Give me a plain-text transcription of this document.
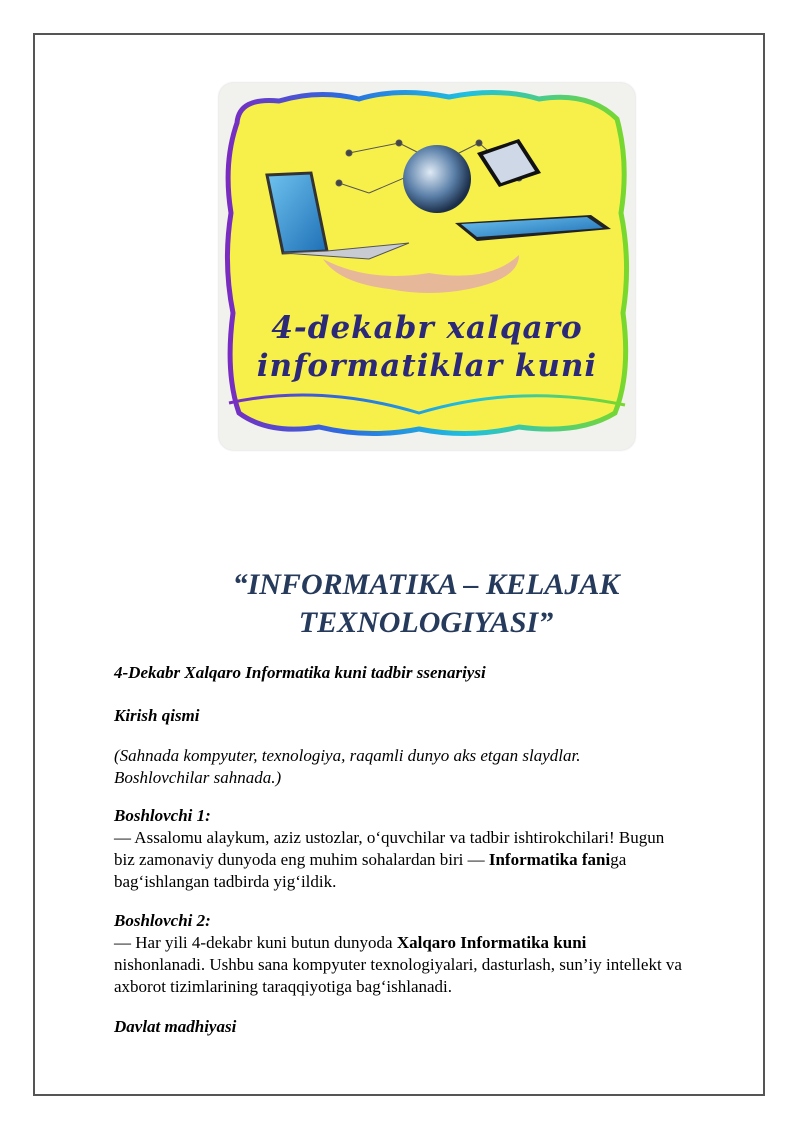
4-dekabr xalqaro
informatiklar kuni
“INFORMATIKA – KELAJAK
TEXNOLOGIYASI”

4-Dekabr Xalqaro Informatika kuni tadbir ssenariysi

Kirish qismi

(Sahnada kompyuter, texnologiya, raqamli dunyo aks etgan slaydlar.
Boshlovchilar sahnada.)

Boshlovchi 1:
— Assalomu alaykum, aziz ustozlar, o‘quvchilar va tadbir ishtirokchilari! Bugun
biz zamonaviy dunyoda eng muhim sohalardan biri — Informatika faniga
bag‘ishlangan tadbirda yig‘ildik.

Boshlovchi 2:
— Har yili 4-dekabr kuni butun dunyoda Xalqaro Informatika kuni
nishonlanadi. Ushbu sana kompyuter texnologiyalari, dasturlash, sun’iy intellekt va
axborot tizimlarining taraqqiyotiga bag‘ishlanadi.

Davlat madhiyasi
